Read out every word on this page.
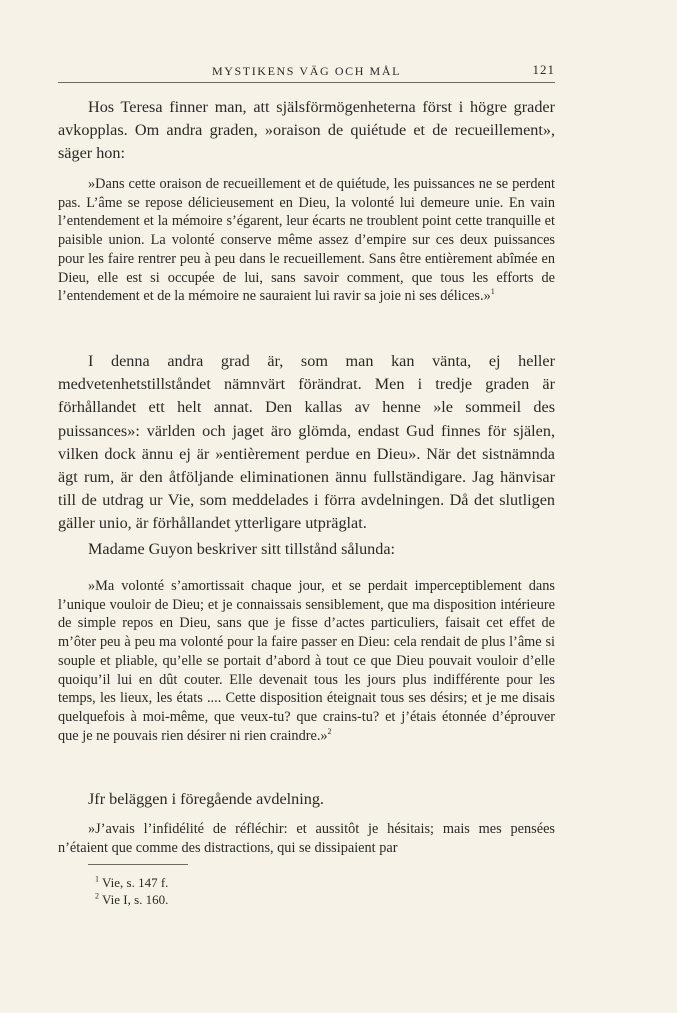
MYSTIKENS VÄG OCH MÅL	121

Hos Teresa finner man, att själsförmögenheterna först i högre grader avkopplas. Om andra graden, »oraison de quiétude et de recueillement», säger hon:

»Dans cette oraison de recueillement et de quiétude, les puissances ne se perdent pas. L’âme se repose délicieusement en Dieu, la volonté lui demeure unie. En vain l’entendement et la mémoire s’égarent, leur écarts ne troublent point cette tranquille et paisible union. La volonté conserve même assez d’empire sur ces deux puissances pour les faire rentrer peu à peu dans le recueillement. Sans être entièrement abîmée en Dieu, elle est si occupée de lui, sans savoir comment, que tous les efforts de l’entendement et de la mémoire ne sauraient lui ravir sa joie ni ses délices.»$^1$

I denna andra grad är, som man kan vänta, ej heller medvetenhetstillståndet nämnvärt förändrat. Men i tredje graden är förhållandet ett helt annat. Den kallas av henne »le sommeil des puissances»: världen och jaget äro glömda, endast Gud finnes för själen, vilken dock ännu ej är »entièrement perdue en Dieu». När det sistnämnda ägt rum, är den åtföljande eliminationen ännu fullständigare. Jag hänvisar till de utdrag ur Vie, som meddelades i förra avdelningen. Då det slutligen gäller unio, är förhållandet ytterligare utpräglat.

Madame Guyon beskriver sitt tillstånd sålunda:

»Ma volonté s’amortissait chaque jour, et se perdait imperceptiblement dans l’unique vouloir de Dieu; et je connaissais sensiblement, que ma disposition intérieure de simple repos en Dieu, sans que je fisse d’actes particuliers, faisait cet effet de m’ôter peu à peu ma volonté pour la faire passer en Dieu: cela rendait de plus l’âme si souple et pliable, qu’elle se portait d’abord à tout ce que Dieu pouvait vouloir d’elle quoiqu’il lui en dût couter. Elle devenait tous les jours plus indifférente pour les temps, les lieux, les états .... Cette disposition éteignait tous ses désirs; et je me disais quelquefois à moi-même, que veux-tu? que crains-tu? et j’étais étonnée d’éprouver que je ne pouvais rien désirer ni rien craindre.»$^2$

Jfr beläggen i föregående avdelning.

»J’avais l’infidélité de réfléchir: et aussitôt je hésitais; mais mes pensées n’étaient que comme des distractions, qui se dissipaient par

$^1$ Vie, s. 147 f.
$^2$ Vie I, s. 160.
